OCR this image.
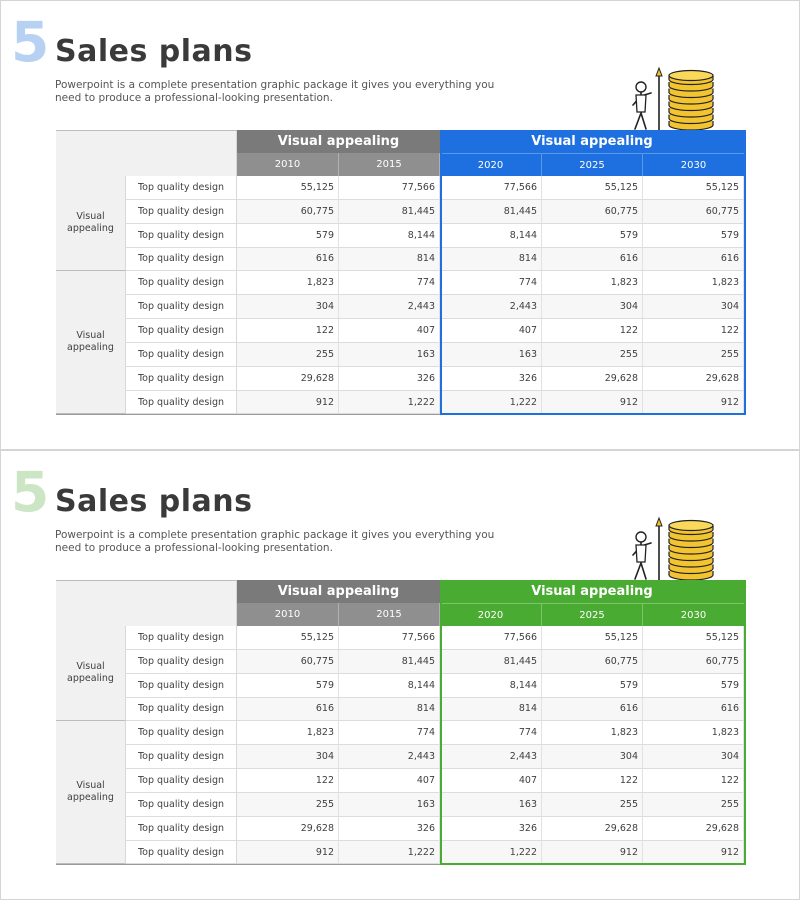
5 Sales plans
Powerpoint is a complete presentation graphic package it gives you everything you need to produce a professional-looking presentation.
Visual appealing	Visual appealing
2010	2015	2020	2025	2030
Visual appealing
Visual appealing
Top quality design	55,125	77,566	77,566	55,125	55,125
Top quality design	60,775	81,445	81,445	60,775	60,775
Top quality design	579	8,144	8,144	579	579
Top quality design	616	814	814	616	616
Top quality design	1,823	774	774	1,823	1,823
Top quality design	304	2,443	2,443	304	304
Top quality design	122	407	407	122	122
Top quality design	255	163	163	255	255
Top quality design	29,628	326	326	29,628	29,628
Top quality design	912	1,222	1,222	912	912
5 Sales plans
Powerpoint is a complete presentation graphic package it gives you everything you need to produce a professional-looking presentation.
Visual appealing	Visual appealing
2010	2015	2020	2025	2030
Visual appealing
Visual appealing
Top quality design	55,125	77,566	77,566	55,125	55,125
Top quality design	60,775	81,445	81,445	60,775	60,775
Top quality design	579	8,144	8,144	579	579
Top quality design	616	814	814	616	616
Top quality design	1,823	774	774	1,823	1,823
Top quality design	304	2,443	2,443	304	304
Top quality design	122	407	407	122	122
Top quality design	255	163	163	255	255
Top quality design	29,628	326	326	29,628	29,628
Top quality design	912	1,222	1,222	912	912
